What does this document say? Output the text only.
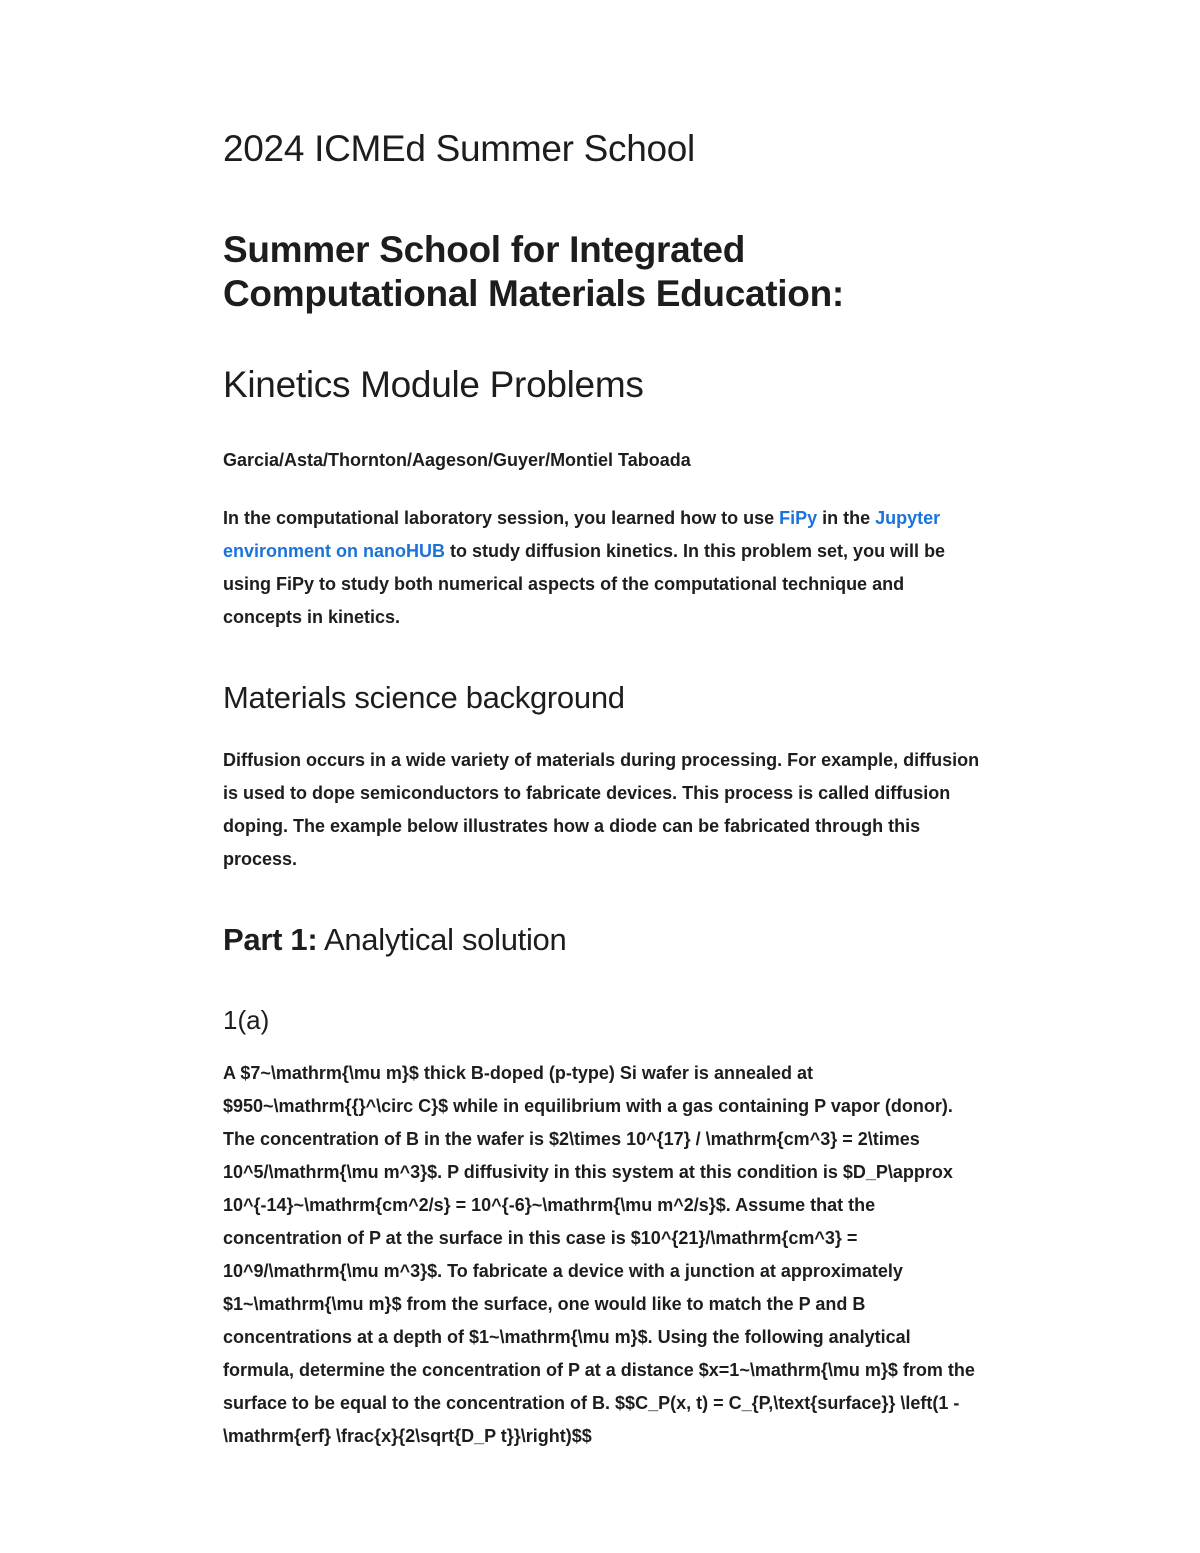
2024 ICMEd Summer School
Summer School for Integrated
Computational Materials Education:
Kinetics Module Problems

Garcia/Asta/Thornton/Aageson/Guyer/Montiel Taboada

In the computational laboratory session, you learned how to use FiPy in the Jupyter
environment on nanoHUB to study diffusion kinetics. In this problem set, you will be
using FiPy to study both numerical aspects of the computational technique and
concepts in kinetics.

Materials science background

Diffusion occurs in a wide variety of materials during processing. For example, diffusion
is used to dope semiconductors to fabricate devices. This process is called diffusion
doping. The example below illustrates how a diode can be fabricated through this
process.

Part 1: Analytical solution
1(a)

A $7~\mathrm{\mu m}$ thick B-doped (p-type) Si wafer is annealed at
$950~\mathrm{{}^\circ C}$ while in equilibrium with a gas containing P vapor (donor).
The concentration of B in the wafer is $2\times 10^{17} / \mathrm{cm^3} = 2\times
10^5/\mathrm{\mu m^3}$. P diffusivity in this system at this condition is $D_P\approx
10^{-14}~\mathrm{cm^2/s} = 10^{-6}~\mathrm{\mu m^2/s}$. Assume that the
concentration of P at the surface in this case is $10^{21}/\mathrm{cm^3} =
10^9/\mathrm{\mu m^3}$. To fabricate a device with a junction at approximately
$1~\mathrm{\mu m}$ from the surface, one would like to match the P and B
concentrations at a depth of $1~\mathrm{\mu m}$. Using the following analytical
formula, determine the concentration of P at a distance $x=1~\mathrm{\mu m}$ from the
surface to be equal to the concentration of B. $$C_P(x, t) = C_{P,\text{surface}} \left(1 -
\mathrm{erf} \frac{x}{2\sqrt{D_P t}}\right)$$
